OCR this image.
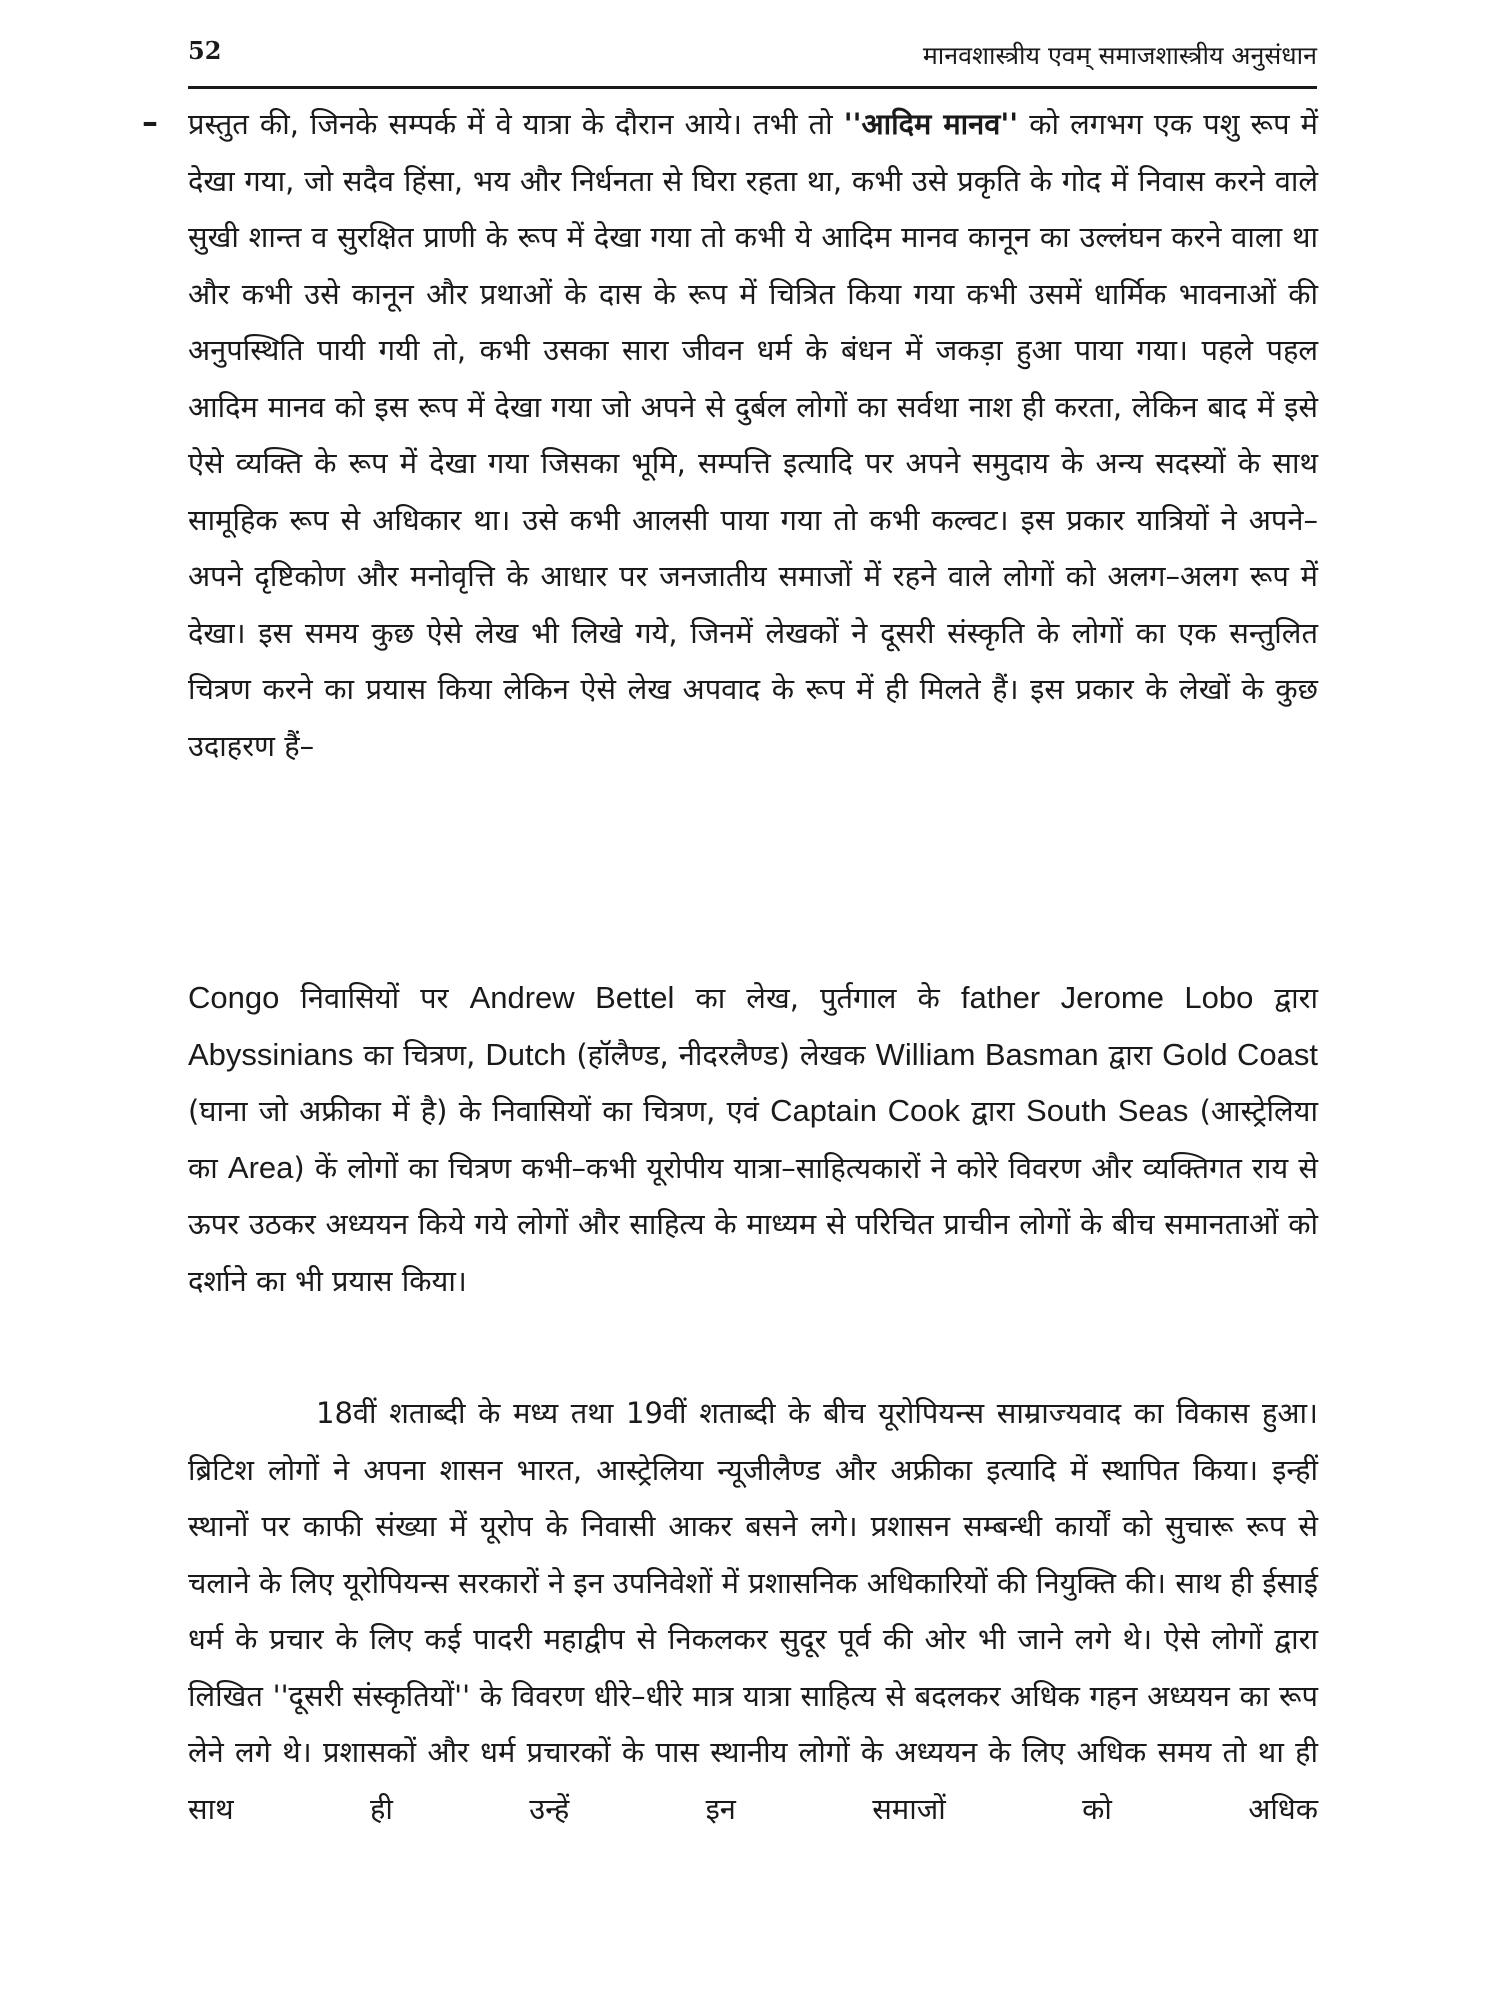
52	मानवशास्त्रीय एवम् समाजशास्त्रीय अनुसंधान
– प्रस्तुत की, जिनके सम्पर्क में वे यात्रा के दौरान आये। तभी तो ''आदिम मानव'' को लगभग एक पशु रूप में देखा गया, जो सदैव हिंसा, भय और निर्धनता से घिरा रहता था, कभी उसे प्रकृति के गोद में निवास करने वाले सुखी शान्त व सुरक्षित प्राणी के रूप में देखा गया तो कभी ये आदिम मानव कानून का उल्लंघन करने वाला था और कभी उसे कानून और प्रथाओं के दास के रूप में चित्रित किया गया कभी उसमें धार्मिक भावनाओं की अनुपस्थिति पायी गयी तो, कभी उसका सारा जीवन धर्म के बंधन में जकड़ा हुआ पाया गया। पहले पहल आदिम मानव को इस रूप में देखा गया जो अपने से दुर्बल लोगों का सर्वथा नाश ही करता, लेकिन बाद में इसे ऐसे व्यक्ति के रूप में देखा गया जिसका भूमि, सम्पत्ति इत्यादि पर अपने समुदाय के अन्य सदस्यों के साथ सामूहिक रूप से अधिकार था। उसे कभी आलसी पाया गया तो कभी कल्वट। इस प्रकार यात्रियों ने अपने–अपने दृष्टिकोण और मनोवृत्ति के आधार पर जनजातीय समाजों में रहने वाले लोगों को अलग–अलग रूप में देखा। इस समय कुछ ऐसे लेख भी लिखे गये, जिनमें लेखकों ने दूसरी संस्कृति के लोगों का एक सन्तुलित चित्रण करने का प्रयास किया लेकिन ऐसे लेख अपवाद के रूप में ही मिलते हैं। इस प्रकार के लेखों के कुछ उदाहरण हैं–

Congo निवासियों पर Andrew Bettel का लेख, पुर्तगाल के father Jerome Lobo द्वारा Abyssinians का चित्रण, Dutch (हॉलैण्ड, नीदरलैण्ड) लेखक William Basman द्वारा Gold Coast (घाना जो अफ्रीका में है) के निवासियों का चित्रण, एवं Captain Cook द्वारा South Seas (आस्ट्रेलिया का Area) कें लोगों का चित्रण कभी–कभी यूरोपीय यात्रा–साहित्यकारों ने कोरे विवरण और व्यक्तिगत राय से ऊपर उठकर अध्ययन किये गये लोगों और साहित्य के माध्यम से परिचित प्राचीन लोगों के बीच समानताओं को दर्शाने का भी प्रयास किया।

18वीं शताब्दी के मध्य तथा 19वीं शताब्दी के बीच यूरोपियन्स साम्राज्यवाद का विकास हुआ। ब्रिटिश लोगों ने अपना शासन भारत, आस्ट्रेलिया न्यूजीलैण्ड और अफ्रीका इत्यादि में स्थापित किया। इन्हीं स्थानों पर काफी संख्या में यूरोप के निवासी आकर बसने लगे। प्रशासन सम्बन्धी कार्यों को सुचारू रूप से चलाने के लिए यूरोपियन्स सरकारों ने इन उपनिवेशों में प्रशासनिक अधिकारियों की नियुक्ति की। साथ ही ईसाई धर्म के प्रचार के लिए कई पादरी महाद्वीप से निकलकर सुदूर पूर्व की ओर भी जाने लगे थे। ऐसे लोगों द्वारा लिखित ''दूसरी संस्कृतियों'' के विवरण धीरे–धीरे मात्र यात्रा साहित्य से बदलकर अधिक गहन अध्ययन का रूप लेने लगे थे। प्रशासकों और धर्म प्रचारकों के पास स्थानीय लोगों के अध्ययन के लिए अधिक समय तो था ही साथ ही उन्हें इन समाजों को अधिक
